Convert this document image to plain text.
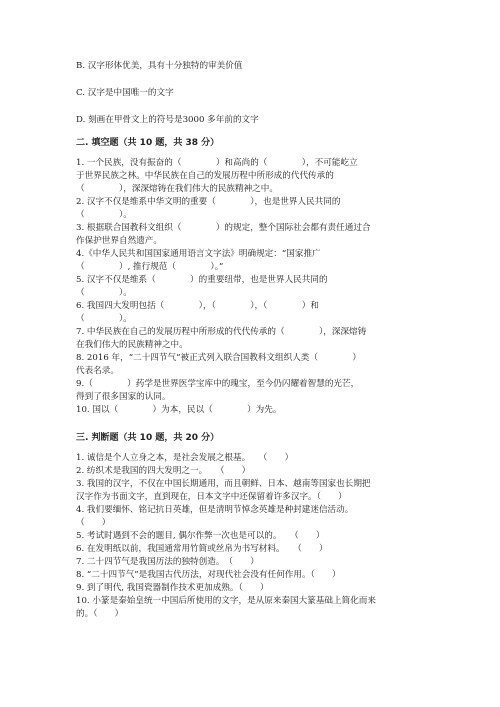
B. 汉字形体优美，具有十分独特的审美价值
C. 汉字是中国唯一的文字
D. 刻画在甲骨文上的符号是3000 多年前的文字
二. 填空题（共 10 题，共 38 分）
1. 一个民族，没有振奋的（　　　　）和高尚的（　　　　），不可能屹立
于世界民族之林。中华民族在自己的发展历程中所形成的代代传承的
（　　　　），深深熔铸在我们伟大的民族精神之中。
2. 汉字不仅是维系中华文明的重要（　　　　），也是世界人民共同的
（　　　　）。
3. 根据联合国教科文组织（　　　　）的规定，整个国际社会都有责任通过合
作保护世界自然遗产。
4.《中华人民共和国国家通用语言文字法》明确规定：“国家推广
（　　　　）, 推行规范（　　　　）。”
5. 汉字不仅是维系（　　　　）的重要纽带，也是世界人民共同的
（　　　　）。
6. 我国四大发明包括（　　　　），（　　　　），（　　　　）和
（　　　　）。
7. 中华民族在自己的发展历程中所形成的代代传承的（　　　　），深深熔铸
在我们伟大的民族精神之中。
8. 2016 年，“二十四节气”被正式列入联合国教科文组织人类（　　　　）
代表名录。
9.（　　　　）药学是世界医学宝库中的瑰宝，至今仍闪耀着智慧的光芒，
得到了很多国家的认同。
10. 国以（　　　　）为本，民以（　　　　）为先。
三. 判断题（共 10 题，共 20 分）
1. 诚信是个人立身之本，是社会发展之根基。　　（　　）
2. 纺织术是我国的四大发明之一。　　（　　）
3. 我国的汉字，不仅在中国长期通用，而且朝鲜、日本、越南等国家也长期把
汉字作为书面文字，直到现在，日本文字中还保留着许多汉字。（　　）
4. 我们要缅怀、铭记抗日英雄，但是清明节悼念英雄是种封建迷信活动。
（　　）
5. 考试时遇到不会的题目, 偶尔作弊一次也是可以的。　　（　　）
6. 在发明纸以前，我国通常用竹简或丝帛为书写材料。　　（　　）
7. 二十四节气是我国历法的独特创造。　（　　）
8. “二十四节气”是我国古代历法，对现代社会没有任何作用。（　　）
9. 到了明代, 我国瓷器制作技术更加成熟。（　　）
10. 小篆是秦始皇统一中国后所使用的文字，是从原来秦国大篆基础上简化而来
的。（　　）
